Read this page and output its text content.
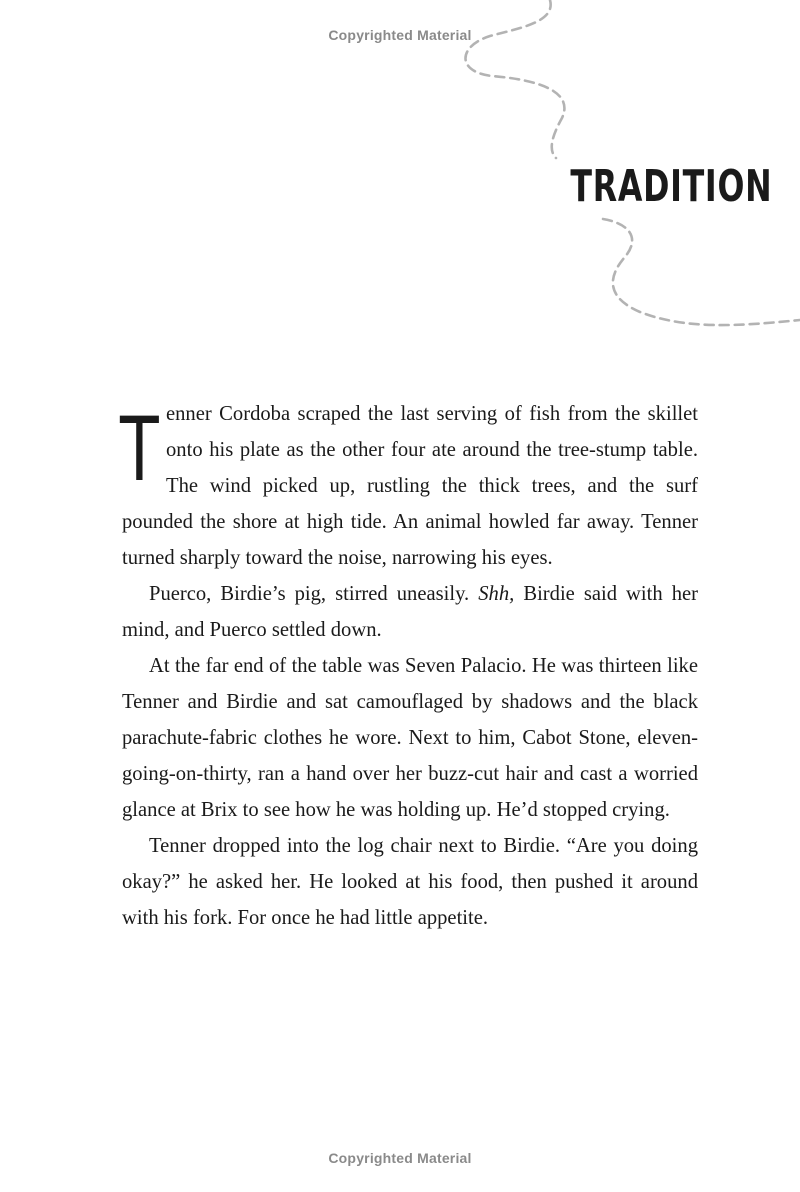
Copyrighted Material
TRADITION

Tenner Cordoba scraped the last serving of fish from the skillet onto his plate as the other four ate around the tree-stump table. The wind picked up, rustling the thick trees, and the surf pounded the shore at high tide. An animal howled far away. Tenner turned sharply toward the noise, narrowing his eyes.

Puerco, Birdie’s pig, stirred uneasily. Shh, Birdie said with her mind, and Puerco settled down.

At the far end of the table was Seven Palacio. He was thirteen like Tenner and Birdie and sat camouflaged by shadows and the black parachute-fabric clothes he wore. Next to him, Cabot Stone, eleven-going-on-thirty, ran a hand over her buzz-cut hair and cast a worried glance at Brix to see how he was holding up. He’d stopped crying.

Tenner dropped into the log chair next to Birdie. “Are you doing okay?” he asked her. He looked at his food, then pushed it around with his fork. For once he had little appetite.

Copyrighted Material
